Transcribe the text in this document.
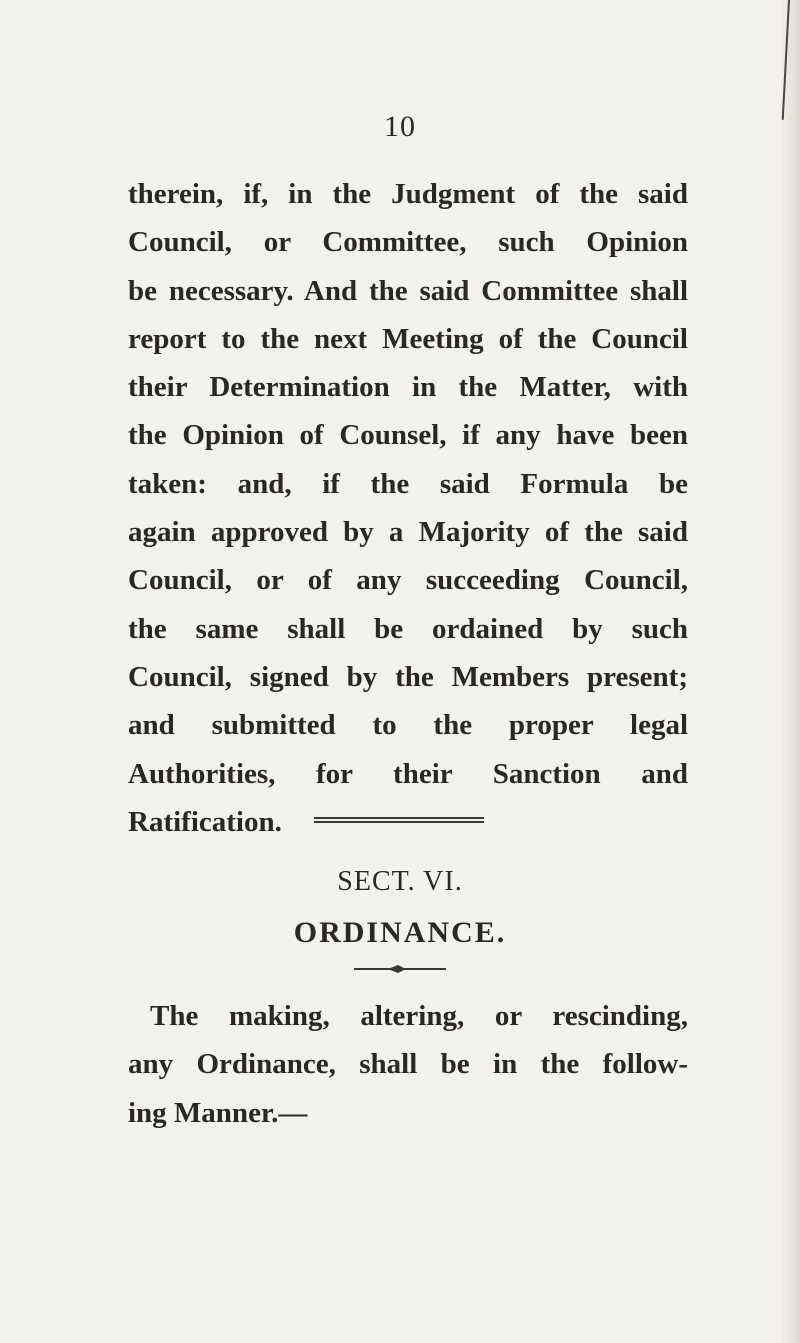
10
therein, if, in the Judgment of the said
Council, or Committee, such Opinion
be necessary. And the said Committee shall
report to the next Meeting of the Council
their Determination in the Matter, with
the Opinion of Counsel, if any have been
taken: and, if the said Formula be
again approved by a Majority of the said
Council, or of any succeeding Council,
the same shall be ordained by such
Council, signed by the Members present;
and submitted to the proper legal
Authorities, for their Sanction and
Ratification.
SECT. VI.
ORDINANCE.
The making, altering, or rescinding,
any Ordinance, shall be in the follow-
ing Manner.—
